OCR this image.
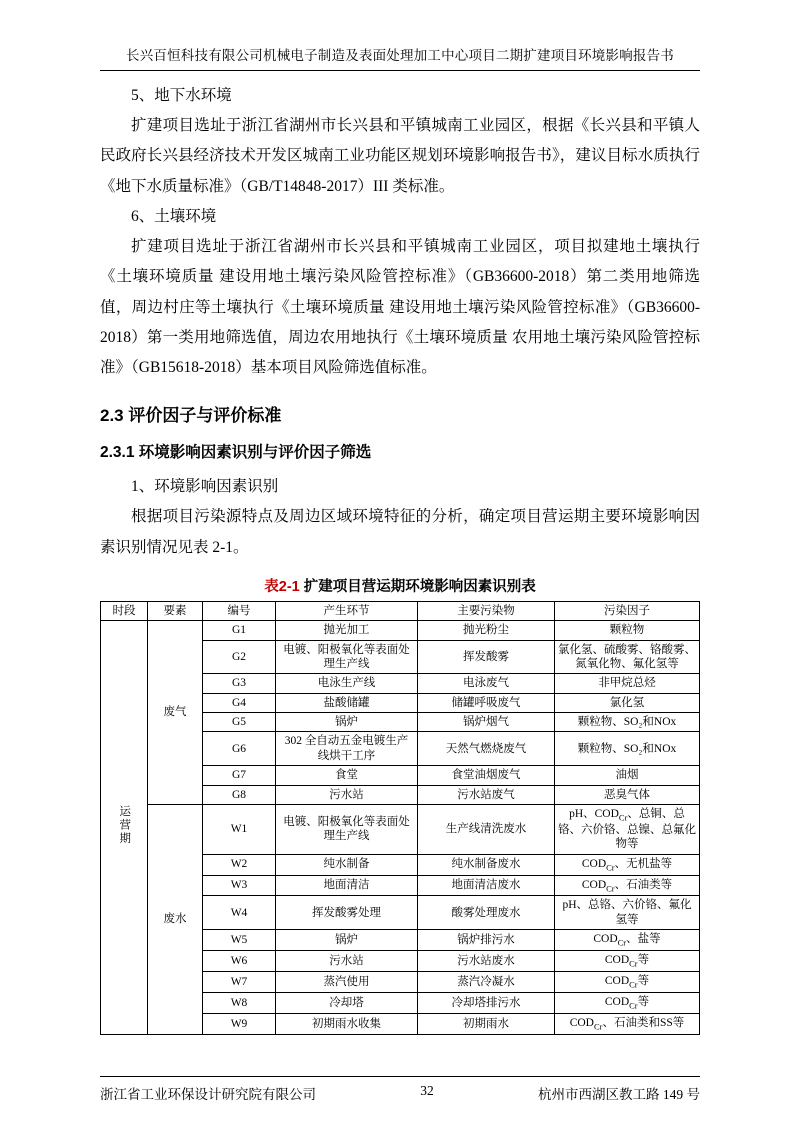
长兴百恒科技有限公司机械电子制造及表面处理加工中心项目二期扩建项目环境影响报告书

5、地下水环境

扩建项目选址于浙江省湖州市长兴县和平镇城南工业园区，根据《长兴县和平镇人民政府长兴县经济技术开发区城南工业功能区规划环境影响报告书》，建议目标水质执行《地下水质量标准》（GB/T14848-2017）III 类标准。

6、土壤环境

扩建项目选址于浙江省湖州市长兴县和平镇城南工业园区，项目拟建地土壤执行《土壤环境质量 建设用地土壤污染风险管控标准》（GB36600-2018）第二类用地筛选值，周边村庄等土壤执行《土壤环境质量 建设用地土壤污染风险管控标准》（GB36600-2018）第一类用地筛选值，周边农用地执行《土壤环境质量 农用地土壤污染风险管控标准》（GB15618-2018）基本项目风险筛选值标准。

2.3 评价因子与评价标准
2.3.1 环境影响因素识别与评价因子筛选

1、环境影响因素识别

根据项目污染源特点及周边区域环境特征的分析，确定项目营运期主要环境影响因素识别情况见表 2-1。

表2-1 扩建项目营运期环境影响因素识别表
时段	要素	编号	产生环节	主要污染物	污染因子
运营期	废气	G1	抛光加工	抛光粉尘	颗粒物
		G2	电镀、阳极氧化等表面处理生产线	挥发酸雾	氯化氢、硫酸雾、铬酸雾、氮氧化物、氟化氢等
		G3	电泳生产线	电泳废气	非甲烷总烃
		G4	盐酸储罐	储罐呼吸废气	氯化氢
		G5	锅炉	锅炉烟气	颗粒物、SO₂和NOx
		G6	302 全自动五金电镀生产线烘干工序	天然气燃烧废气	颗粒物、SO₂和NOx
		G7	食堂	食堂油烟废气	油烟
		G8	污水站	污水站废气	恶臭气体
	废水	W1	电镀、阳极氧化等表面处理生产线	生产线清洗废水	pH、$COD_{Cr}$、总铜、总铬、六价铬、总镍、总氟化物等
		W2	纯水制备	纯水制备废水	$COD_{Cr}$、无机盐等
		W3	地面清洁	地面清洁废水	$COD_{Cr}$、石油类等
		W4	挥发酸雾处理	酸雾处理废水	pH、总铬、六价铬、氟化氢等
		W5	锅炉	锅炉排污水	$COD_{Cr}$、盐等
		W6	污水站	污水站废水	$COD_{Cr}$等
		W7	蒸汽使用	蒸汽冷凝水	$COD_{Cr}$等
		W8	冷却塔	冷却塔排污水	$COD_{Cr}$等
		W9	初期雨水收集	初期雨水	$COD_{Cr}$、石油类和SS等
浙江省工业环保设计研究院有限公司	32	杭州市西湖区教工路 149 号
